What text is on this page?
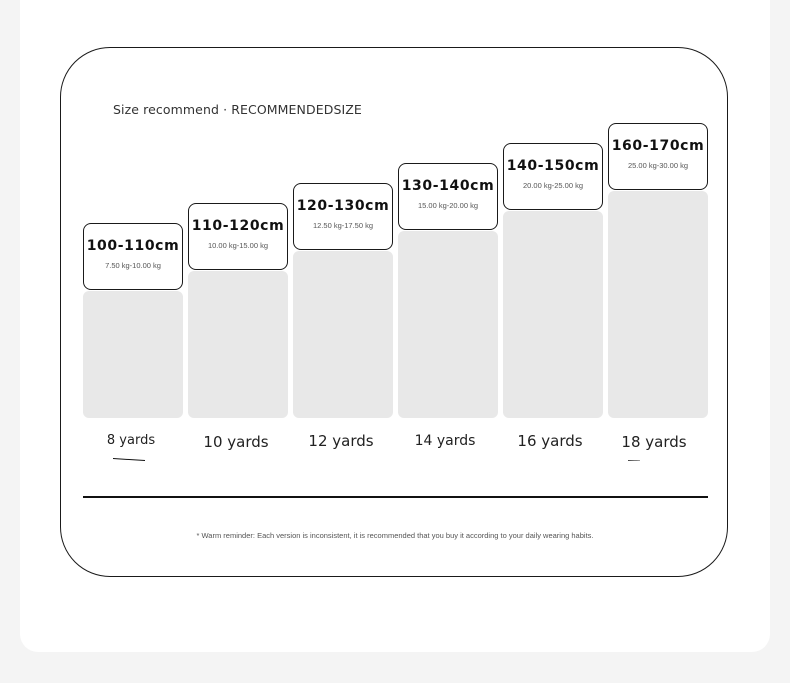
Size recommend · RECOMMENDEDSIZE
100-110cm
7.50 kg-10.00 kg
8 yards
110-120cm
10.00 kg-15.00 kg
10 yards
120-130cm
12.50 kg-17.50 kg
12 yards
130-140cm
15.00 kg-20.00 kg
14 yards
140-150cm
20.00 kg-25.00 kg
16 yards
160-170cm
25.00 kg-30.00 kg
18 yards
* Warm reminder: Each version is inconsistent, it is recommended that you buy it according to your daily wearing habits.
